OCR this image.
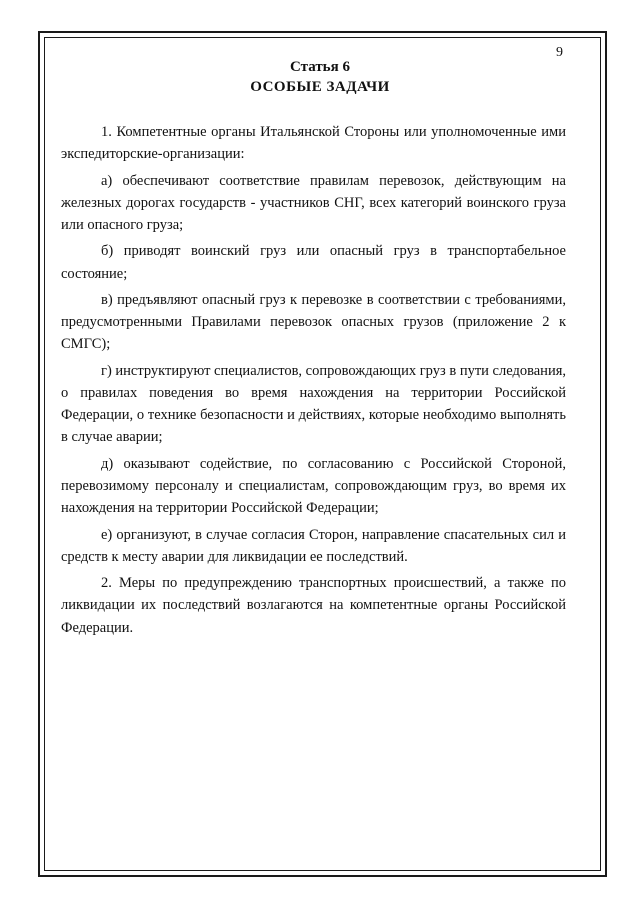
9
Статья 6
ОСОБЫЕ ЗАДАЧИ

1. Компетентные органы Итальянской Стороны или уполномоченные ими экспедиторские-организации:

а) обеспечивают соответствие правилам перевозок, действующим на железных дорогах государств - участников СНГ, всех категорий воинского груза или опасного груза;

б) приводят воинский груз или опасный груз в транспортабельное состояние;

в) предъявляют опасный груз к перевозке в соответствии с требованиями, предусмотренными Правилами перевозок опасных грузов (приложение 2 к СМГС);

г) инструктируют специалистов, сопровождающих груз в пути следования, о правилах поведения во время нахождения на территории Российской Федерации, о технике безопасности и действиях, которые необходимо выполнять в случае аварии;

д) оказывают содействие, по согласованию с Российской Стороной, перевозимому персоналу и специалистам, сопровождающим груз, во время их нахождения на территории Российской Федерации;

е) организуют, в случае согласия Сторон, направление спасательных сил и средств к месту аварии для ликвидации ее последствий.

2. Меры по предупреждению транспортных происшествий, а также по ликвидации их последствий возлагаются на компетентные органы Российской Федерации.
